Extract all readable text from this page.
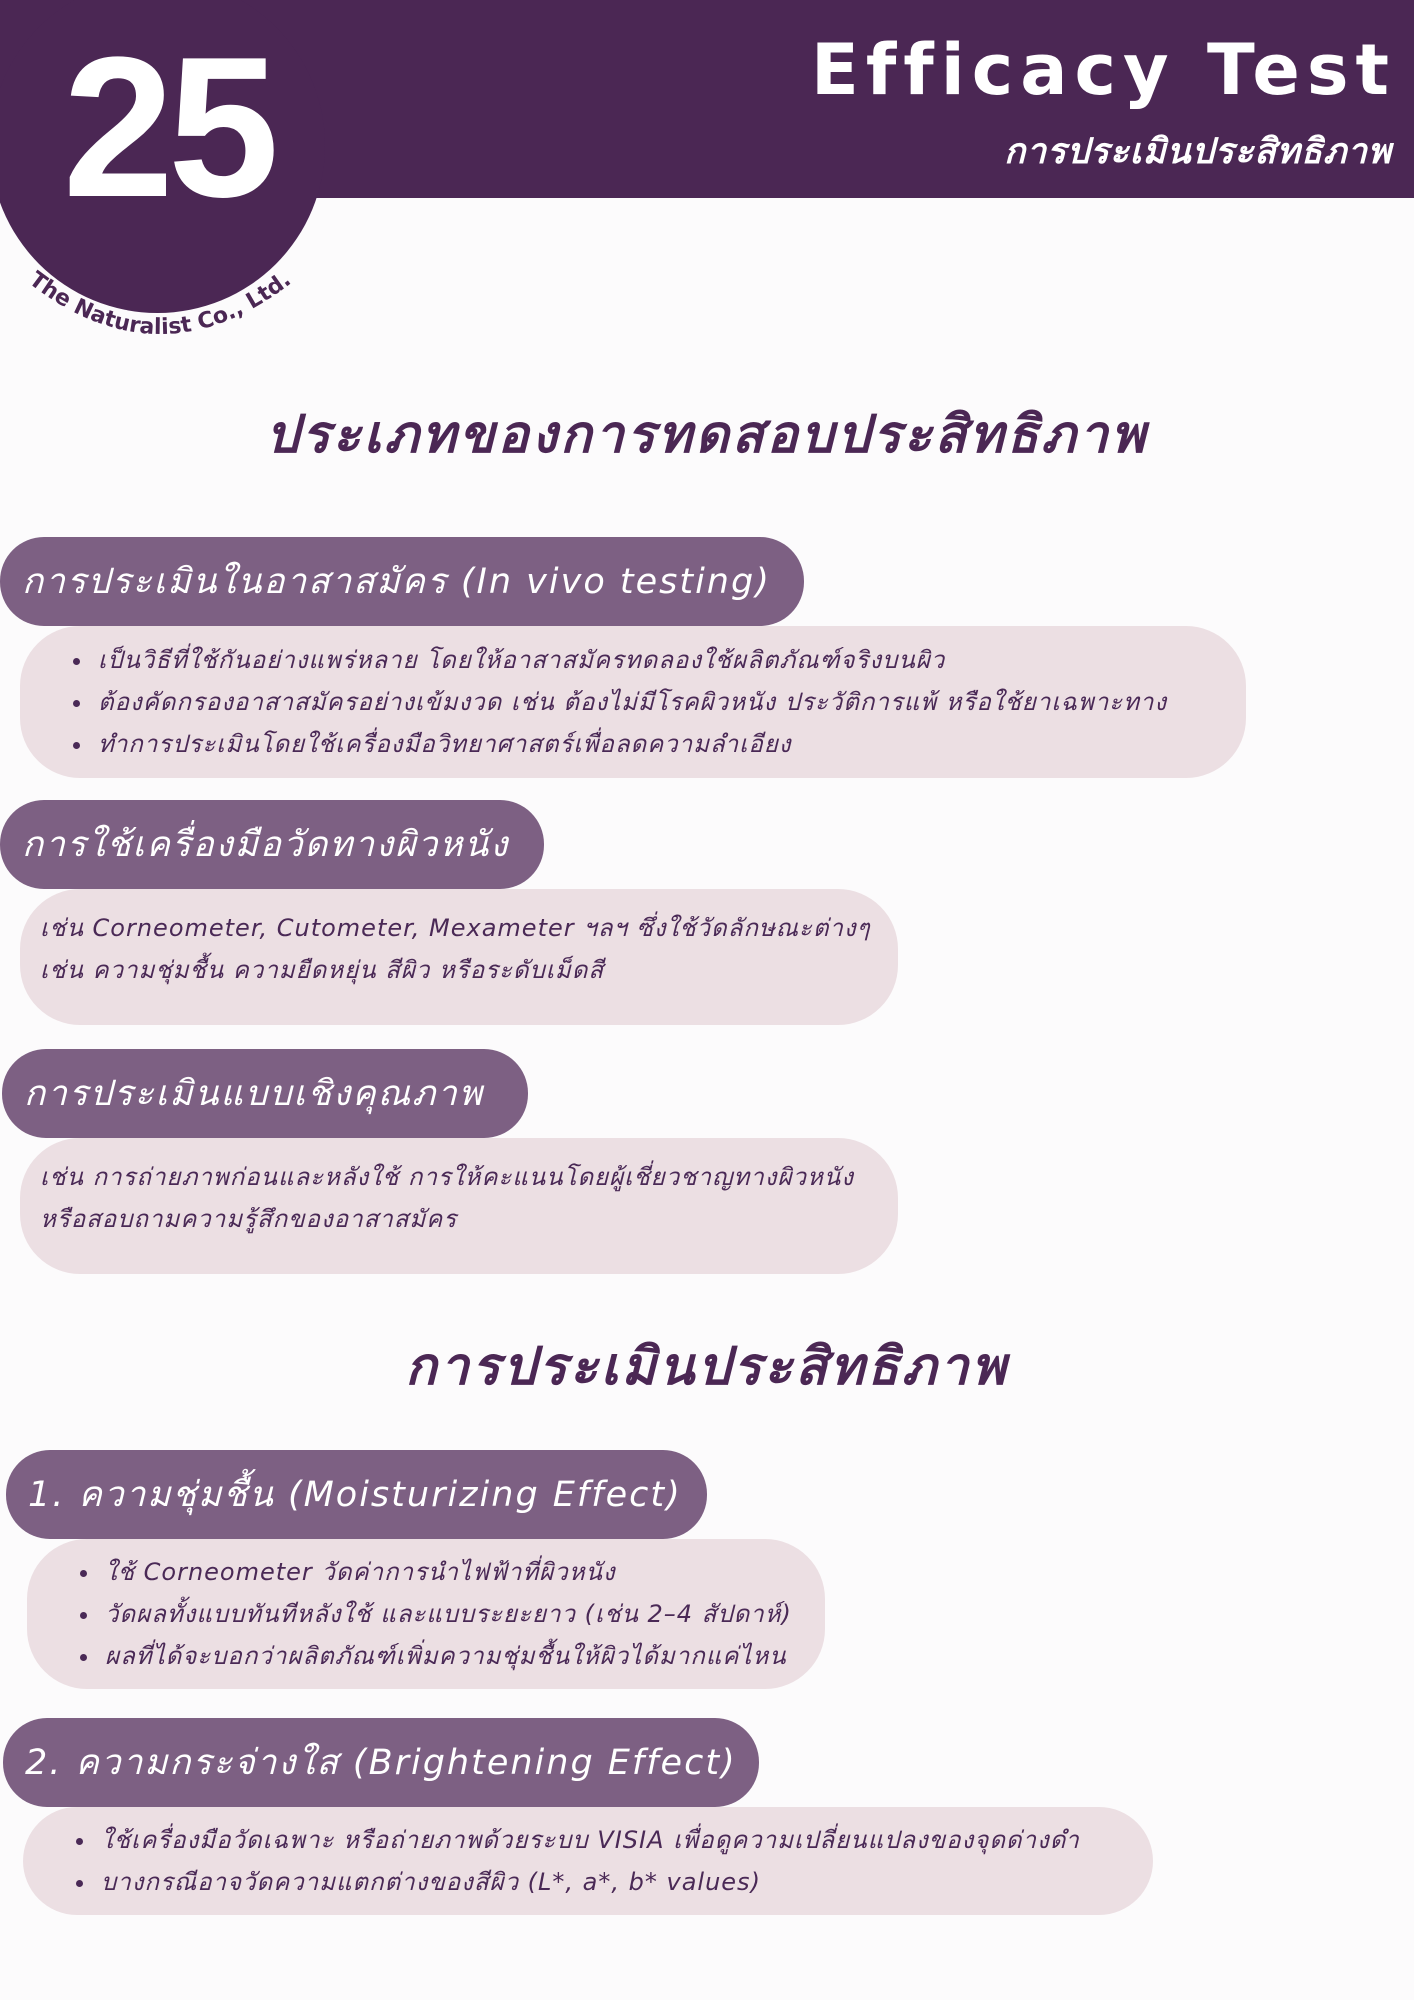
25
The Naturalist Co., Ltd.
Efficacy Test
การประเมินประสิทธิภาพ
ประเภทของการทดสอบประสิทธิภาพ
• เป็นวิธีที่ใช้กันอย่างแพร่หลาย โดยให้อาสาสมัครทดลองใช้ผลิตภัณฑ์จริงบนผิว
• ต้องคัดกรองอาสาสมัครอย่างเข้มงวด เช่น ต้องไม่มีโรคผิวหนัง ประวัติการแพ้ หรือใช้ยาเฉพาะทาง
• ทำการประเมินโดยใช้เครื่องมือวิทยาศาสตร์เพื่อลดความลำเอียง
การประเมินในอาสาสมัคร (In vivo testing)

เช่น Corneometer, Cutometer, Mexameter ฯลฯ ซึ่งใช้วัดลักษณะต่างๆ

เช่น ความชุ่มชื้น ความยืดหยุ่น สีผิว หรือระดับเม็ดสี

การใช้เครื่องมือวัดทางผิวหนัง

เช่น การถ่ายภาพก่อนและหลังใช้ การให้คะแนนโดยผู้เชี่ยวชาญทางผิวหนัง

หรือสอบถามความรู้สึกของอาสาสมัคร

การประเมินแบบเชิงคุณภาพ
การประเมินประสิทธิภาพ
• ใช้ Corneometer วัดค่าการนำไฟฟ้าที่ผิวหนัง
• วัดผลทั้งแบบทันทีหลังใช้ และแบบระยะยาว (เช่น 2–4 สัปดาห์)
• ผลที่ได้จะบอกว่าผลิตภัณฑ์เพิ่มความชุ่มชื้นให้ผิวได้มากแค่ไหน
1. ความชุ่มชื้น (Moisturizing Effect)
• ใช้เครื่องมือวัดเฉพาะ หรือถ่ายภาพด้วยระบบ VISIA เพื่อดูความเปลี่ยนแปลงของจุดด่างดำ
• บางกรณีอาจวัดความแตกต่างของสีผิว (L*, a*, b* values)
2. ความกระจ่างใส (Brightening Effect)
